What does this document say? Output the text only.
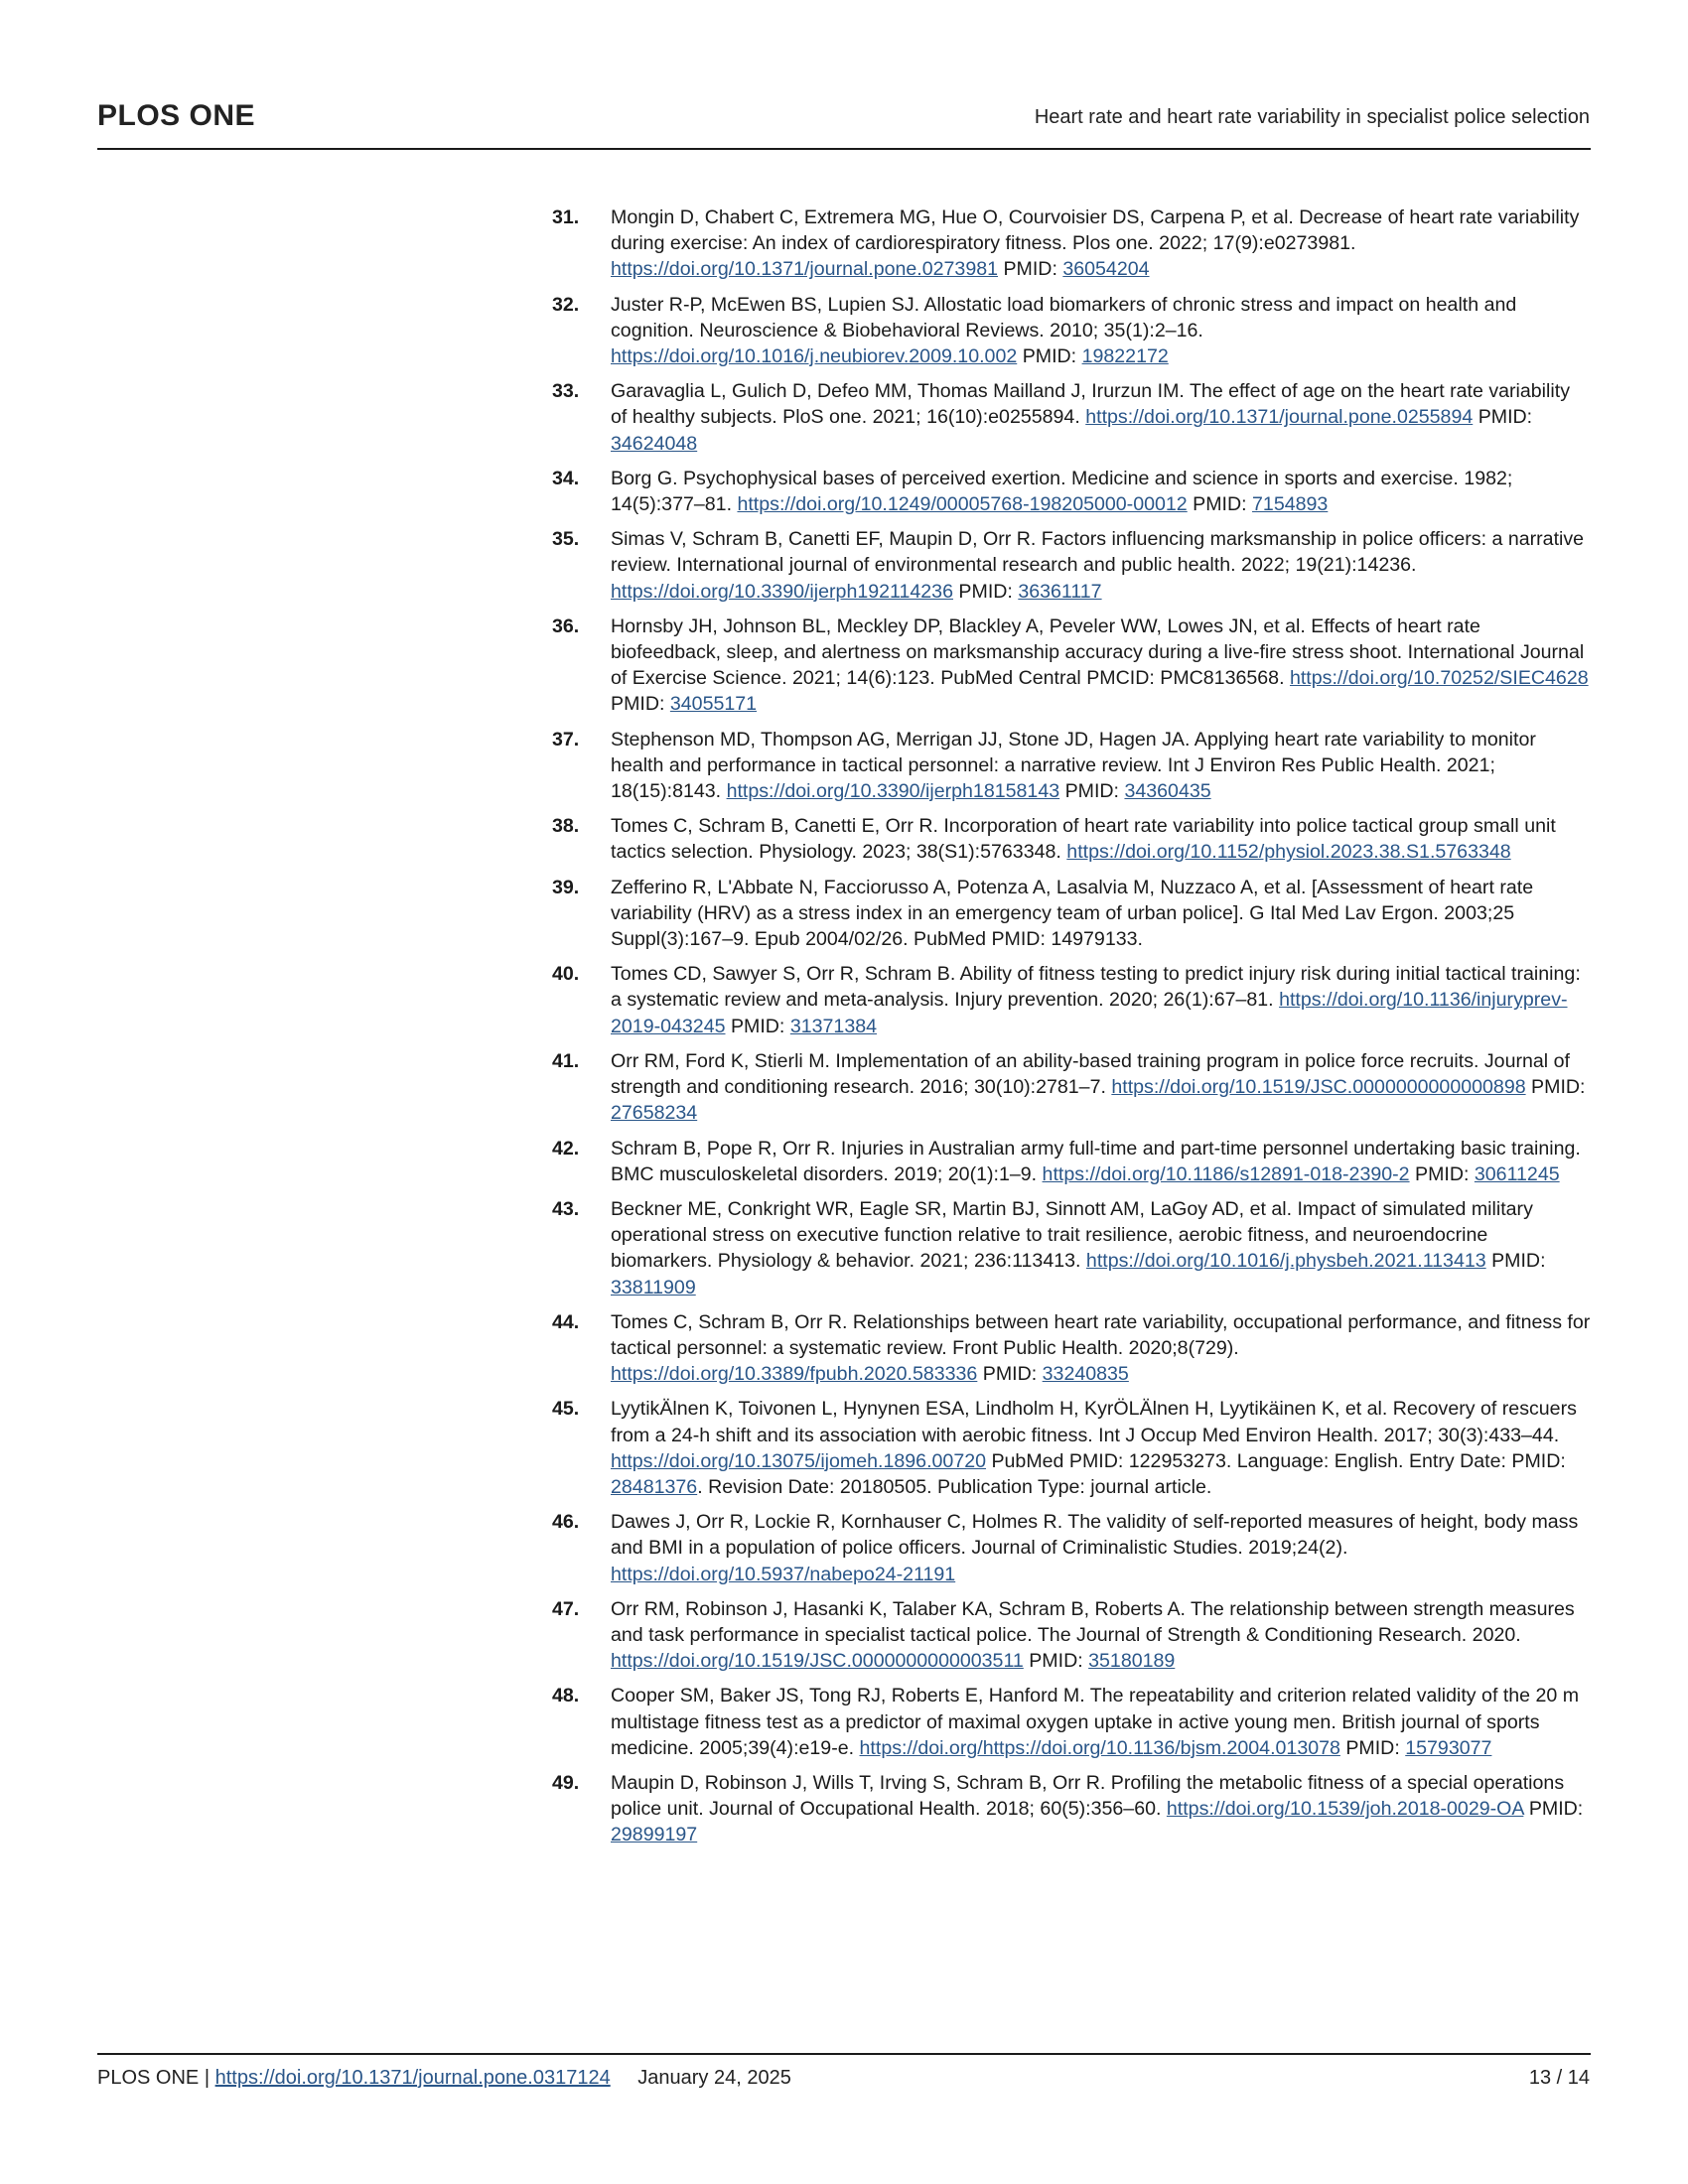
PLOS ONE	Heart rate and heart rate variability in specialist police selection
31. Mongin D, Chabert C, Extremera MG, Hue O, Courvoisier DS, Carpena P, et al. Decrease of heart rate variability during exercise: An index of cardiorespiratory fitness. Plos one. 2022; 17(9):e0273981. https://doi.org/10.1371/journal.pone.0273981 PMID: 36054204
32. Juster R-P, McEwen BS, Lupien SJ. Allostatic load biomarkers of chronic stress and impact on health and cognition. Neuroscience & Biobehavioral Reviews. 2010; 35(1):2–16. https://doi.org/10.1016/j.neubiorev.2009.10.002 PMID: 19822172
33. Garavaglia L, Gulich D, Defeo MM, Thomas Mailland J, Irurzun IM. The effect of age on the heart rate variability of healthy subjects. PloS one. 2021; 16(10):e0255894. https://doi.org/10.1371/journal.pone.0255894 PMID: 34624048
34. Borg G. Psychophysical bases of perceived exertion. Medicine and science in sports and exercise. 1982; 14(5):377–81. https://doi.org/10.1249/00005768-198205000-00012 PMID: 7154893
35. Simas V, Schram B, Canetti EF, Maupin D, Orr R. Factors influencing marksmanship in police officers: a narrative review. International journal of environmental research and public health. 2022; 19(21):14236. https://doi.org/10.3390/ijerph192114236 PMID: 36361117
36. Hornsby JH, Johnson BL, Meckley DP, Blackley A, Peveler WW, Lowes JN, et al. Effects of heart rate biofeedback, sleep, and alertness on marksmanship accuracy during a live-fire stress shoot. International Journal of Exercise Science. 2021; 14(6):123. PubMed Central PMCID: PMC8136568. https://doi.org/10.70252/SIEC4628 PMID: 34055171
37. Stephenson MD, Thompson AG, Merrigan JJ, Stone JD, Hagen JA. Applying heart rate variability to monitor health and performance in tactical personnel: a narrative review. Int J Environ Res Public Health. 2021; 18(15):8143. https://doi.org/10.3390/ijerph18158143 PMID: 34360435
38. Tomes C, Schram B, Canetti E, Orr R. Incorporation of heart rate variability into police tactical group small unit tactics selection. Physiology. 2023; 38(S1):5763348. https://doi.org/10.1152/physiol.2023.38.S1.5763348
39. Zefferino R, L'Abbate N, Facciorusso A, Potenza A, Lasalvia M, Nuzzaco A, et al. [Assessment of heart rate variability (HRV) as a stress index in an emergency team of urban police]. G Ital Med Lav Ergon. 2003;25 Suppl(3):167–9. Epub 2004/02/26. PubMed PMID: 14979133.
40. Tomes CD, Sawyer S, Orr R, Schram B. Ability of fitness testing to predict injury risk during initial tactical training: a systematic review and meta-analysis. Injury prevention. 2020; 26(1):67–81. https://doi.org/10.1136/injuryprev-2019-043245 PMID: 31371384
41. Orr RM, Ford K, Stierli M. Implementation of an ability-based training program in police force recruits. Journal of strength and conditioning research. 2016; 30(10):2781–7. https://doi.org/10.1519/JSC.0000000000000898 PMID: 27658234
42. Schram B, Pope R, Orr R. Injuries in Australian army full-time and part-time personnel undertaking basic training. BMC musculoskeletal disorders. 2019; 20(1):1–9. https://doi.org/10.1186/s12891-018-2390-2 PMID: 30611245
43. Beckner ME, Conkright WR, Eagle SR, Martin BJ, Sinnott AM, LaGoy AD, et al. Impact of simulated military operational stress on executive function relative to trait resilience, aerobic fitness, and neuroendocrine biomarkers. Physiology & behavior. 2021; 236:113413. https://doi.org/10.1016/j.physbeh.2021.113413 PMID: 33811909
44. Tomes C, Schram B, Orr R. Relationships between heart rate variability, occupational performance, and fitness for tactical personnel: a systematic review. Front Public Health. 2020;8(729). https://doi.org/10.3389/fpubh.2020.583336 PMID: 33240835
45. LyytikÄlnen K, Toivonen L, Hynynen ESA, Lindholm H, KyrÖLÄlnen H, Lyytikäinen K, et al. Recovery of rescuers from a 24-h shift and its association with aerobic fitness. Int J Occup Med Environ Health. 2017; 30(3):433–44. https://doi.org/10.13075/ijomeh.1896.00720 PubMed PMID: 122953273. Language: English. Entry Date: PMID: 28481376. Revision Date: 20180505. Publication Type: journal article.
46. Dawes J, Orr R, Lockie R, Kornhauser C, Holmes R. The validity of self-reported measures of height, body mass and BMI in a population of police officers. Journal of Criminalistic Studies. 2019;24(2). https://doi.org/10.5937/nabepo24-21191
47. Orr RM, Robinson J, Hasanki K, Talaber KA, Schram B, Roberts A. The relationship between strength measures and task performance in specialist tactical police. The Journal of Strength & Conditioning Research. 2020. https://doi.org/10.1519/JSC.0000000000003511 PMID: 35180189
48. Cooper SM, Baker JS, Tong RJ, Roberts E, Hanford M. The repeatability and criterion related validity of the 20 m multistage fitness test as a predictor of maximal oxygen uptake in active young men. British journal of sports medicine. 2005;39(4):e19-e. https://doi.org/https://doi.org/10.1136/bjsm.2004.013078 PMID: 15793077
49. Maupin D, Robinson J, Wills T, Irving S, Schram B, Orr R. Profiling the metabolic fitness of a special operations police unit. Journal of Occupational Health. 2018; 60(5):356–60. https://doi.org/10.1539/joh.2018-0029-OA PMID: 29899197
PLOS ONE | https://doi.org/10.1371/journal.pone.0317124 January 24, 2025	13 / 14
